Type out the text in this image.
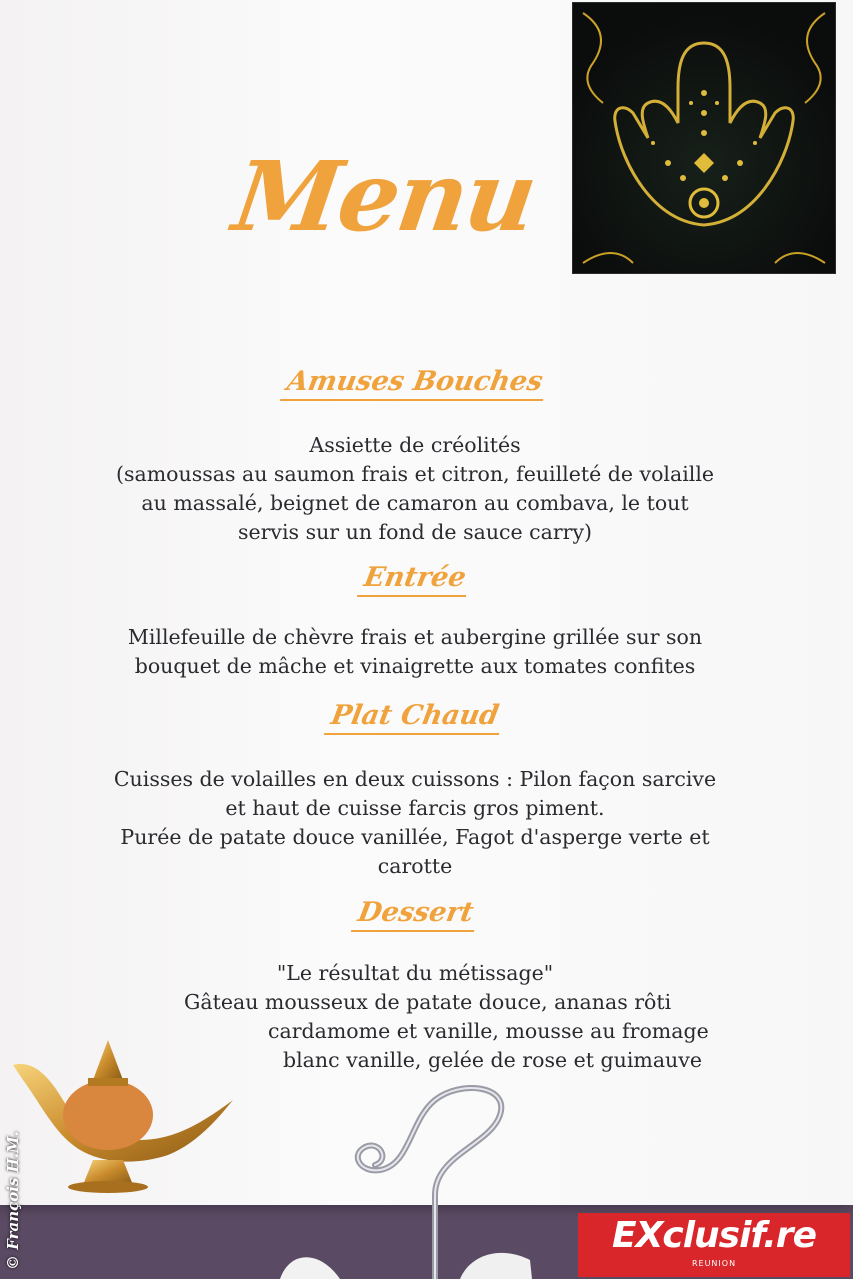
Menu
Amuses Bouches
Assiette de créolités
(samoussas au saumon frais et citron, feuilleté de volaille
au massalé, beignet de camaron au combava, le tout
servis sur un fond de sauce carry)
Entrée
Millefeuille de chèvre frais et aubergine grillée sur son
bouquet de mâche et vinaigrette aux tomates confites
Plat Chaud
Cuisses de volailles en deux cuissons : Pilon façon sarcive
et haut de cuisse farcis gros piment.
Purée de patate douce vanillée, Fagot d'asperge verte et
carotte
Dessert
"Le résultat du métissage"
Gâteau mousseux de patate douce, ananas rôti
cardamome et vanille, mousse au fromage
blanc vanille, gelée de rose et guimauve
© François H.M.	EXclusif.re
REUNION
